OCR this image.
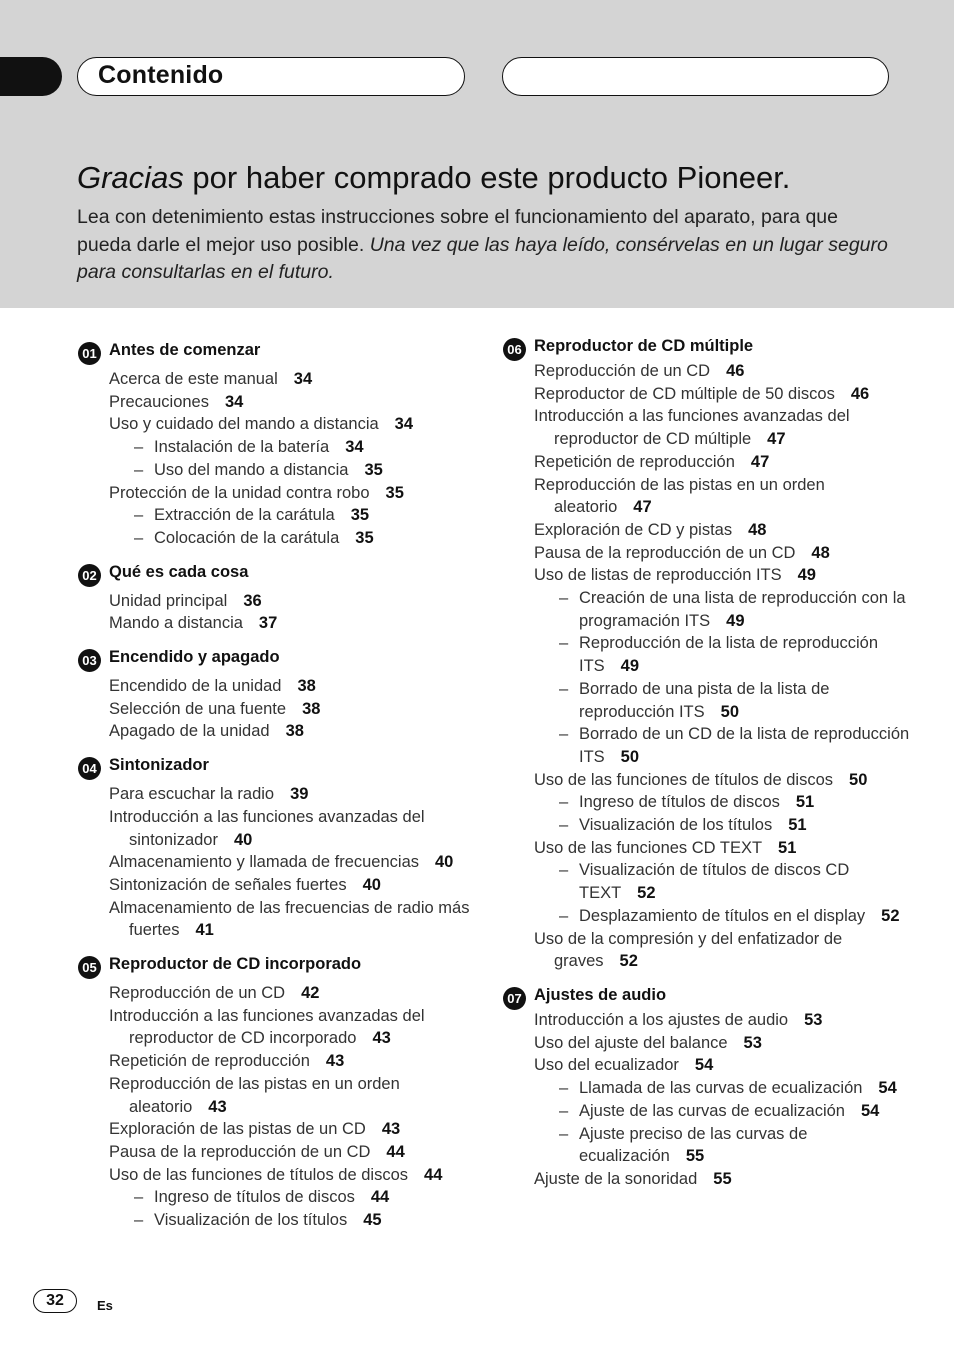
Contenido
Gracias por haber comprado este producto Pioneer.

Lea con detenimiento estas instrucciones sobre el funcionamiento del aparato, para que pueda darle el mejor uso posible. Una vez que las haya leído, consérvelas en un lugar seguro para consultarlas en el futuro.

01 Antes de comenzar
Acerca de este manual 34
Precauciones 34
Uso y cuidado del mando a distancia 34
– Instalación de la batería 34
– Uso del mando a distancia 35
Protección de la unidad contra robo 35
– Extracción de la carátula 35
– Colocación de la carátula 35
02 Qué es cada cosa
Unidad principal 36
Mando a distancia 37
03 Encendido y apagado
Encendido de la unidad 38
Selección de una fuente 38
Apagado de la unidad 38
04 Sintonizador
Para escuchar la radio 39
Introducción a las funciones avanzadas del sintonizador 40
Almacenamiento y llamada de frecuencias 40
Sintonización de señales fuertes 40
Almacenamiento de las frecuencias de radio más fuertes 41
05 Reproductor de CD incorporado
Reproducción de un CD 42
Introducción a las funciones avanzadas del reproductor de CD incorporado 43
Repetición de reproducción 43
Reproducción de las pistas en un orden aleatorio 43
Exploración de las pistas de un CD 43
Pausa de la reproducción de un CD 44
Uso de las funciones de títulos de discos 44
– Ingreso de títulos de discos 44
– Visualización de los títulos 45
06 Reproductor de CD múltiple
Reproducción de un CD 46
Reproductor de CD múltiple de 50 discos 46
Introducción a las funciones avanzadas del reproductor de CD múltiple 47
Repetición de reproducción 47
Reproducción de las pistas en un orden aleatorio 47
Exploración de CD y pistas 48
Pausa de la reproducción de un CD 48
Uso de listas de reproducción ITS 49
– Creación de una lista de reproducción con la programación ITS 49
– Reproducción de la lista de reproducción ITS 49
– Borrado de una pista de la lista de reproducción ITS 50
– Borrado de un CD de la lista de reproducción ITS 50
Uso de las funciones de títulos de discos 50
– Ingreso de títulos de discos 51
– Visualización de los títulos 51
Uso de las funciones CD TEXT 51
– Visualización de títulos de discos CD TEXT 52
– Desplazamiento de títulos en el display 52
Uso de la compresión y del enfatizador de graves 52
07 Ajustes de audio
Introducción a los ajustes de audio 53
Uso del ajuste del balance 53
Uso del ecualizador 54
– Llamada de las curvas de ecualización 54
– Ajuste de las curvas de ecualización 54
– Ajuste preciso de las curvas de ecualización 55
Ajuste de la sonoridad 55
32	Es
